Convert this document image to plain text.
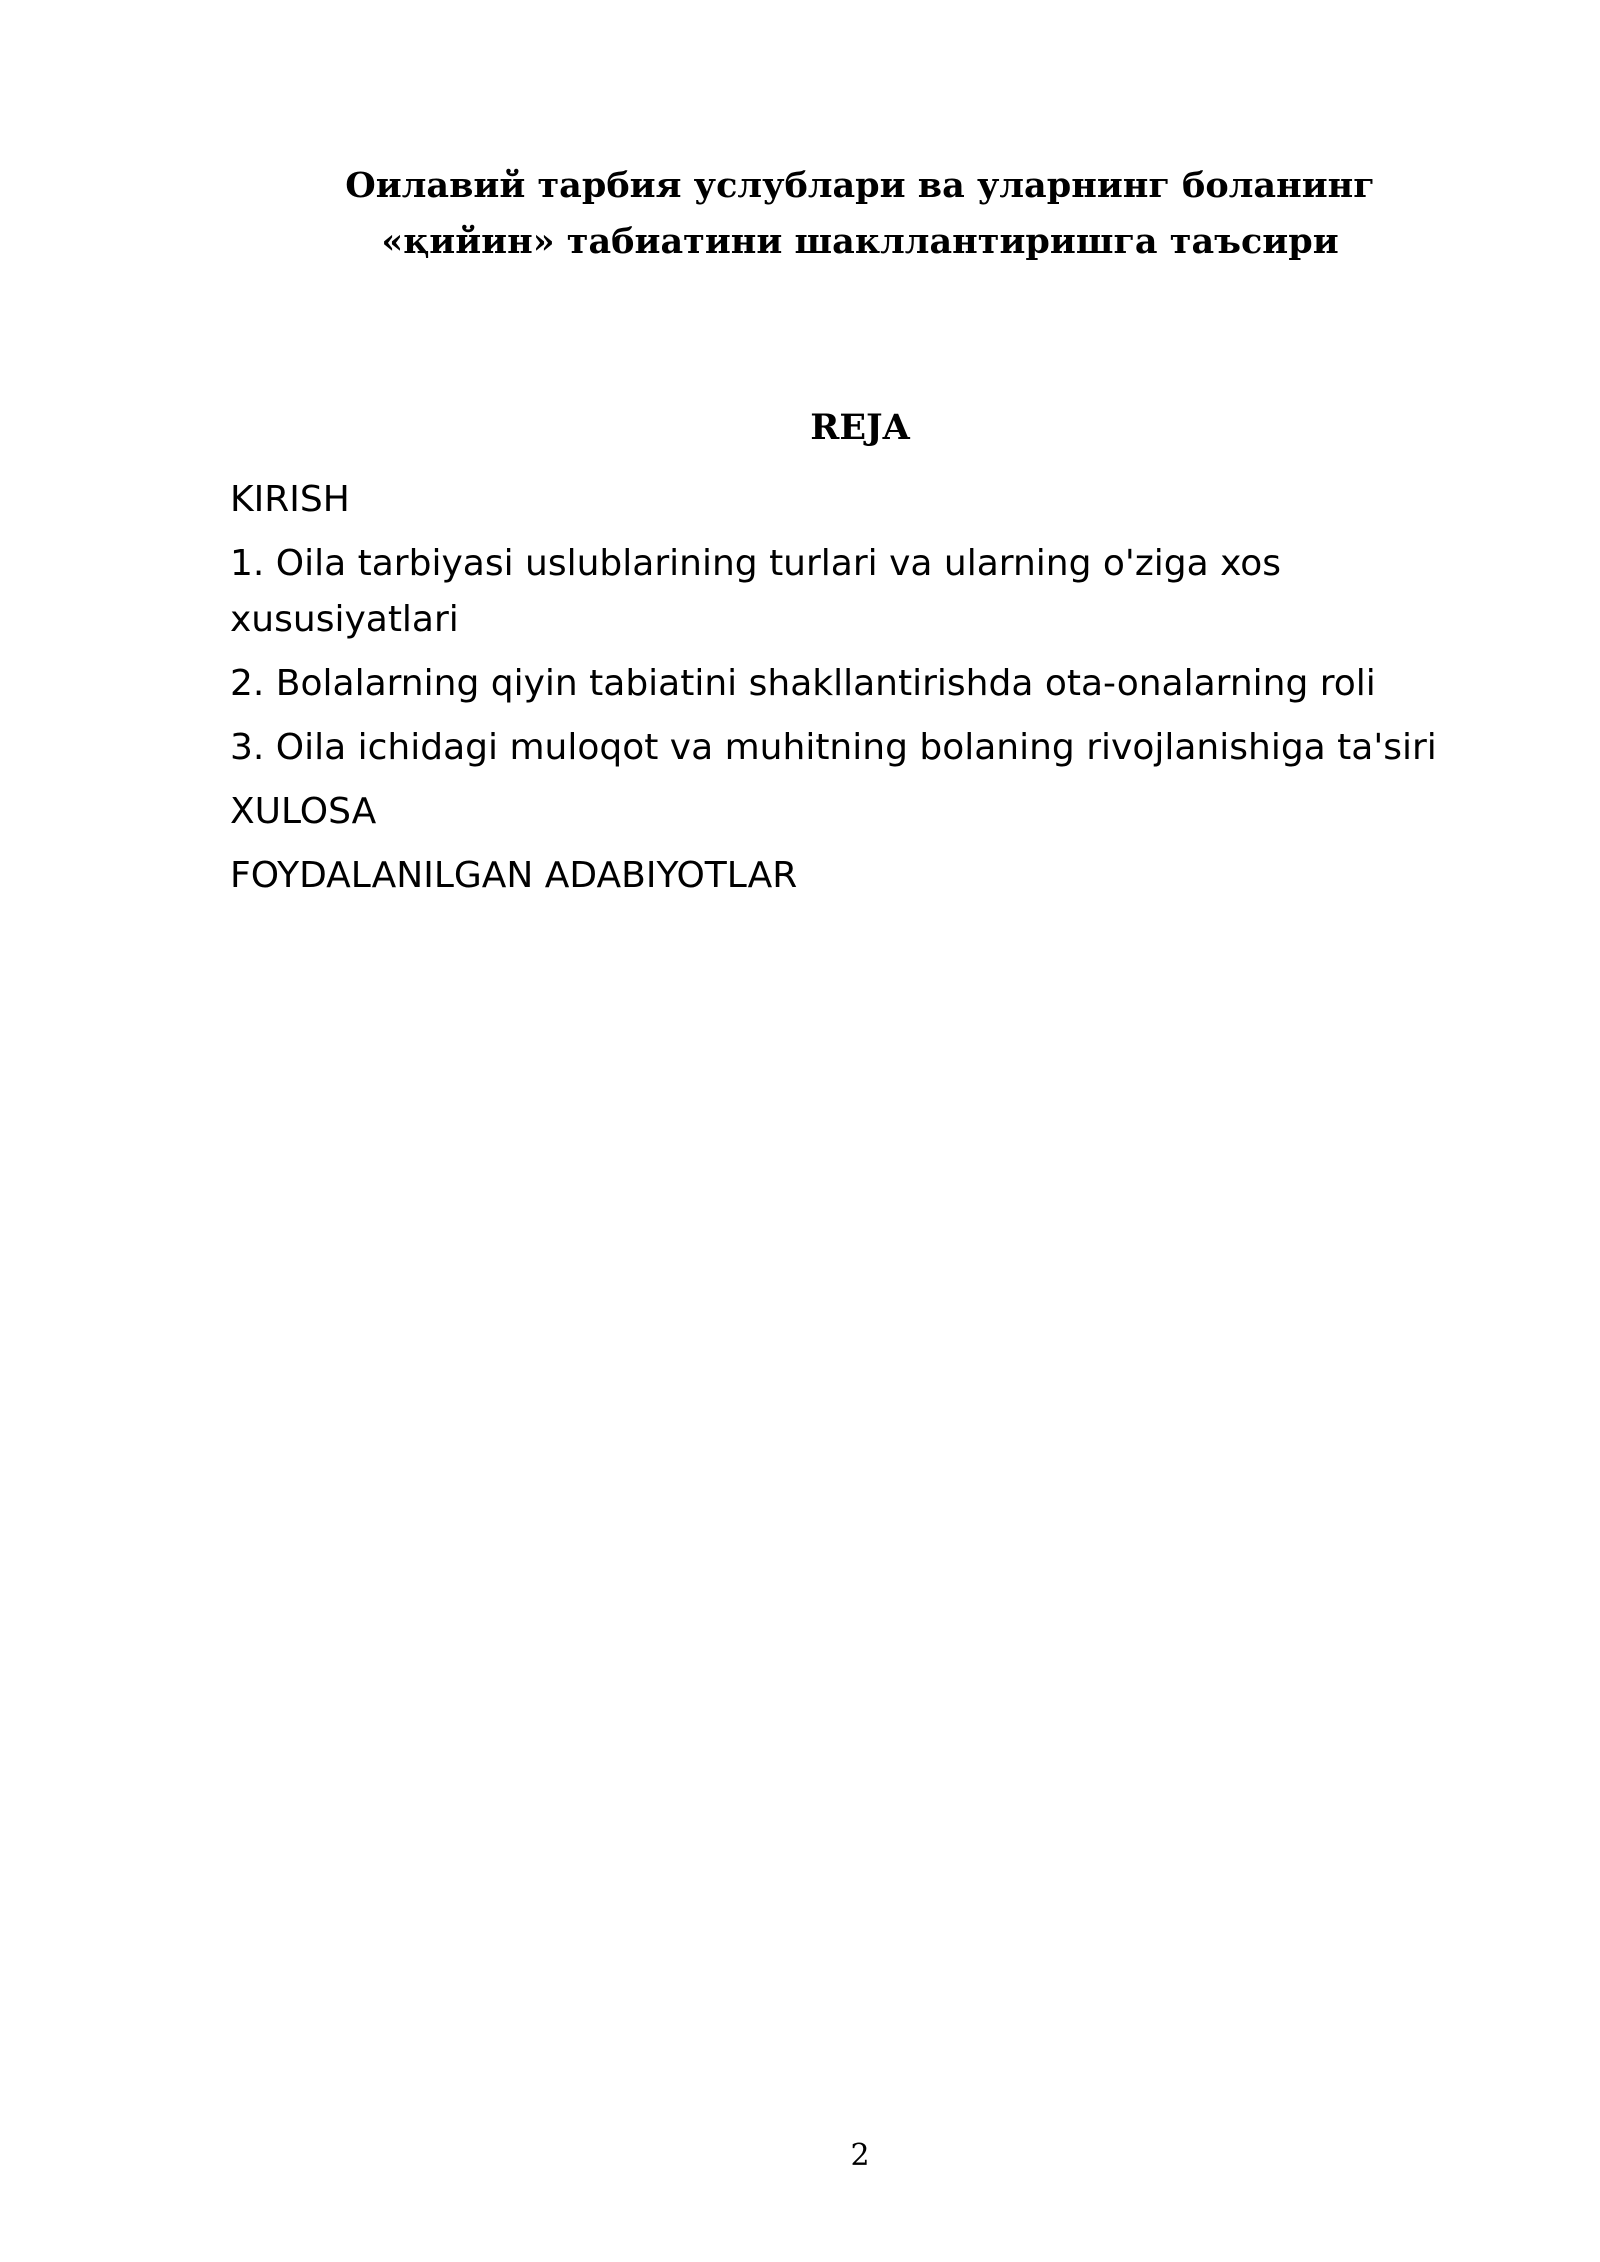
Оилавий тарбия услублари ва уларнинг боланинг
«қийин» табиатини шакллантиришга таъсири
REJA
KIRISH
1. Oila tarbiyasi uslublarining turlari va ularning o'ziga xos xususiyatlari
2. Bolalarning qiyin tabiatini shakllantirishda ota-onalarning roli
3. Oila ichidagi muloqot va muhitning bolaning rivojlanishiga ta'siri
XULOSA
FOYDALANILGAN ADABIYOTLAR
2
